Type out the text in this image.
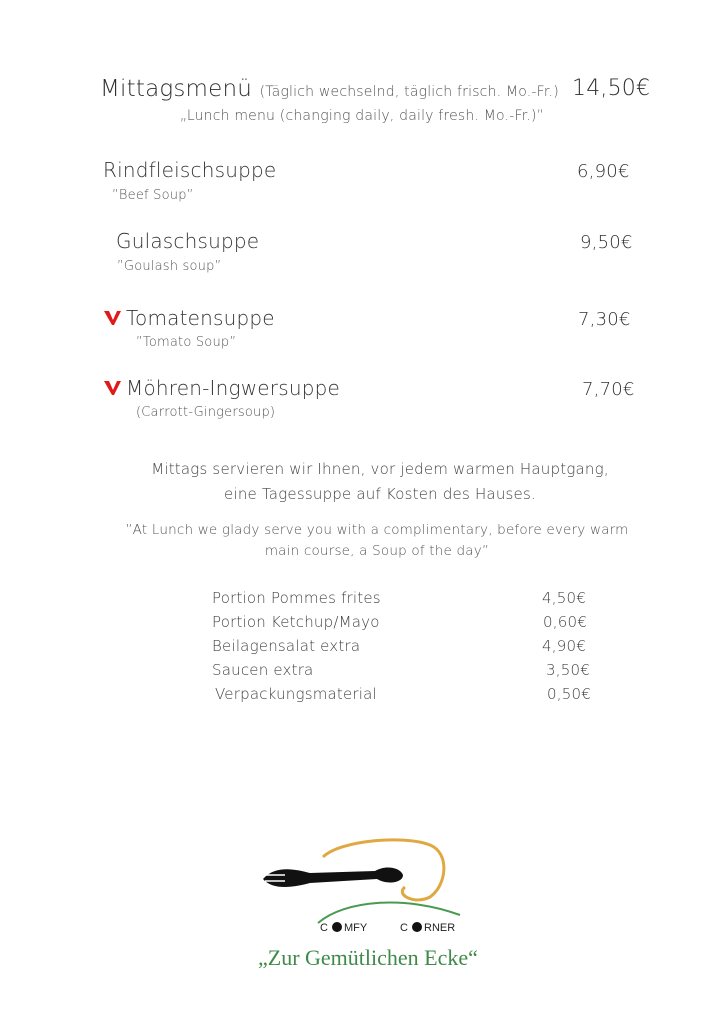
Mittagsmenü (Täglich wechselnd, täglich frisch. Mo.-Fr.) 14,50€
„Lunch menu (changing daily, daily fresh. Mo.-Fr.)”
Rindfleischsuppe
”Beef Soup”
6,90€
Gulaschsuppe
”Goulash soup”
9,50€
Tomatensuppe
”Tomato Soup”
7,30€
Möhren-Ingwersuppe
(Carrott-Gingersoup)
7,70€
Mittags servieren wir Ihnen, vor jedem warmen Hauptgang,
eine Tagessuppe auf Kosten des Hauses.
”At Lunch we glady serve you with a complimentary, before every warm
main course, a Soup of the day”
Portion Pommes frites	4,50€
Portion Ketchup/Mayo	0,60€
Beilagensalat extra	4,90€
Saucen extra	3,50€
Verpackungsmaterial	0,50€
C MFY	C RNER
„Zur Gemütlichen Ecke“
